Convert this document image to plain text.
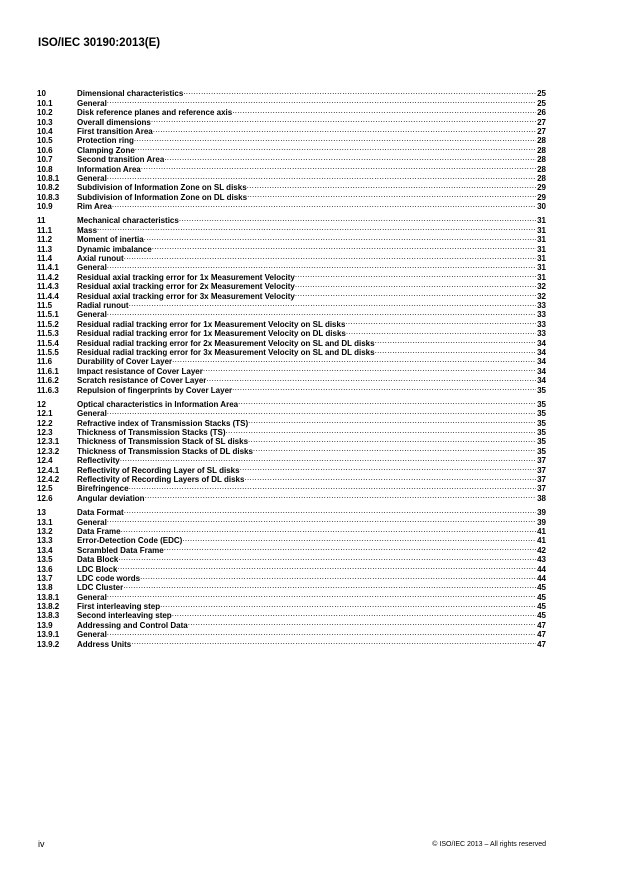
ISO/IEC 30190:2013(E)
10	Dimensional characteristics .....	25
10.1	General .....	25
10.2	Disk reference planes and reference axis .....	26
10.3	Overall dimensions .....	27
10.4	First transition Area .....	27
10.5	Protection ring .....	28
10.6	Clamping Zone .....	28
10.7	Second transition Area .....	28
10.8	Information Area .....	28
10.8.1	General .....	28
10.8.2	Subdivision of Information Zone on SL disks .....	29
10.8.3	Subdivision of Information Zone on DL disks .....	29
10.9	Rim Area .....	30
11	Mechanical characteristics .....	31
11.1	Mass .....	31
11.2	Moment of inertia .....	31
11.3	Dynamic imbalance .....	31
11.4	Axial runout .....	31
11.4.1	General .....	31
11.4.2	Residual axial tracking error for 1x Measurement Velocity .....	31
11.4.3	Residual axial tracking error for 2x Measurement Velocity .....	32
11.4.4	Residual axial tracking error for 3x Measurement Velocity .....	32
11.5	Radial runout .....	33
11.5.1	General .....	33
11.5.2	Residual radial tracking error for 1x Measurement Velocity on SL disks .....	33
11.5.3	Residual radial tracking error for 1x Measurement Velocity on DL disks .....	33
11.5.4	Residual radial tracking error for 2x Measurement Velocity on SL and DL disks .....	34
11.5.5	Residual radial tracking error for 3x Measurement Velocity on SL and DL disks .....	34
11.6	Durability of Cover Layer .....	34
11.6.1	Impact resistance of Cover Layer .....	34
11.6.2	Scratch resistance of Cover Layer .....	34
11.6.3	Repulsion of fingerprints by Cover Layer .....	35
12	Optical characteristics in Information Area .....	35
12.1	General .....	35
12.2	Refractive index of Transmission Stacks (TS) .....	35
12.3	Thickness of Transmission Stacks (TS) .....	35
12.3.1	Thickness of Transmission Stack of SL disks .....	35
12.3.2	Thickness of Transmission Stacks of DL disks .....	35
12.4	Reflectivity .....	37
12.4.1	Reflectivity of Recording Layer of SL disks .....	37
12.4.2	Reflectivity of Recording Layers of DL disks .....	37
12.5	Birefringence .....	37
12.6	Angular deviation .....	38
13	Data Format .....	39
13.1	General .....	39
13.2	Data Frame .....	41
13.3	Error-Detection Code (EDC) .....	41
13.4	Scrambled Data Frame .....	42
13.5	Data Block .....	43
13.6	LDC Block .....	44
13.7	LDC code words .....	44
13.8	LDC Cluster .....	45
13.8.1	General .....	45
13.8.2	First interleaving step .....	45
13.8.3	Second interleaving step .....	45
13.9	Addressing and Control Data .....	47
13.9.1	General .....	47
13.9.2	Address Units .....	47
iv	© ISO/IEC 2013 – All rights reserved
